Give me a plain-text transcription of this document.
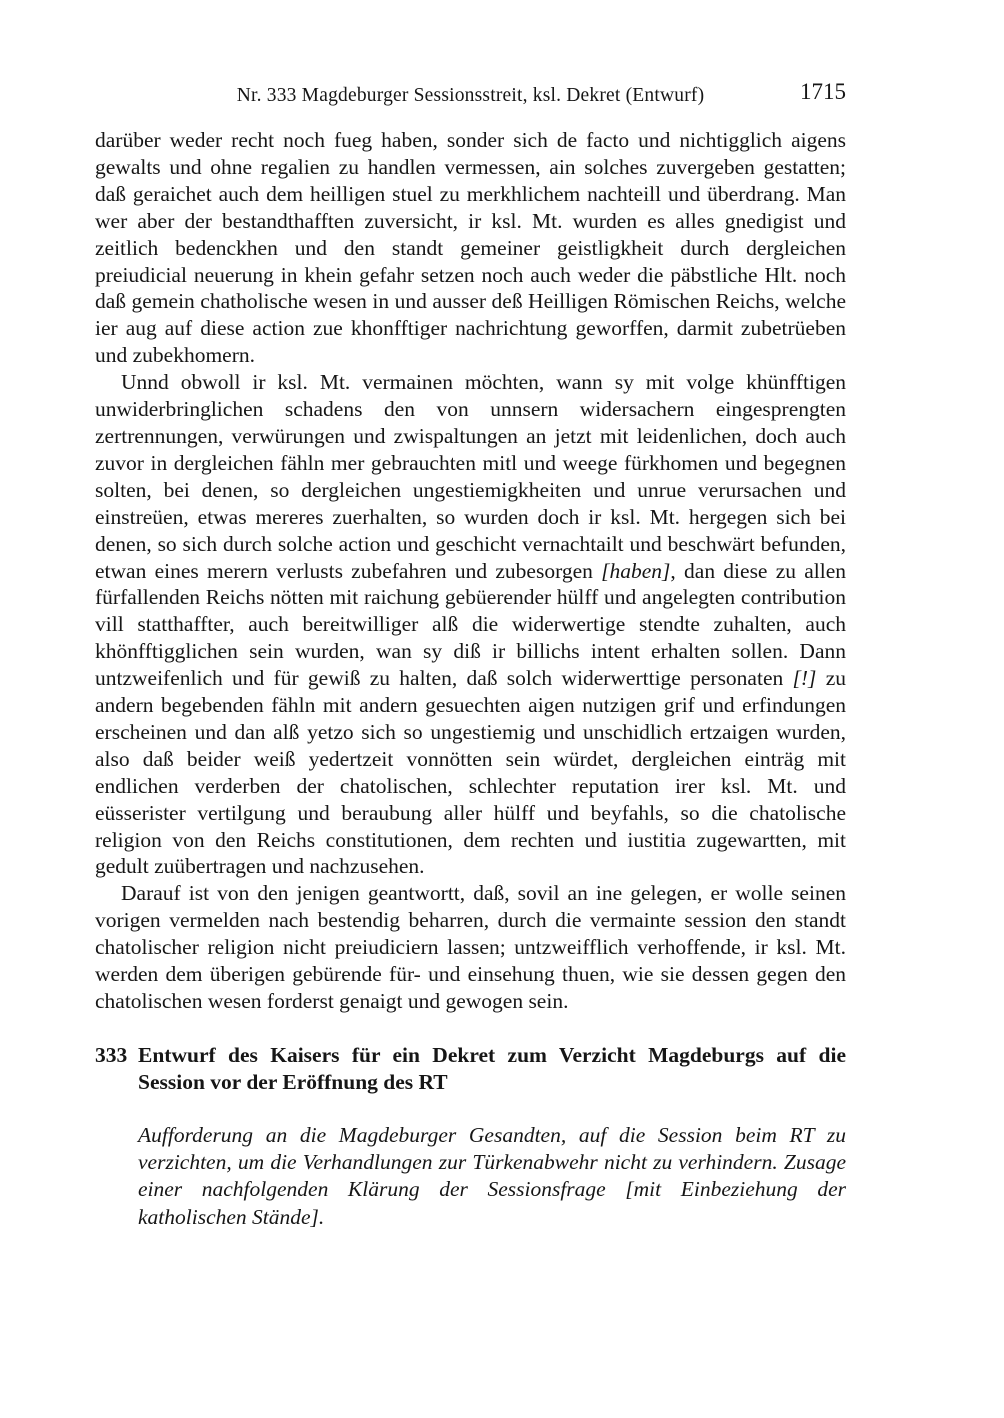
Nr. 333 Magdeburger Sessionsstreit, ksl. Dekret (Entwurf)	1715

darüber weder recht noch fueg haben, sonder sich de facto und nichtigglich aigens gewalts und ohne regalien zu handlen vermessen, ain solches zuvergeben gestatten; daß geraichet auch dem heilligen stuel zu merkhlichem nachteill und überdrang. Man wer aber der bestandthafften zuversicht, ir ksl. Mt. wurden es alles gnedigist und zeitlich bedenckhen und den standt gemeiner geistligkheit durch dergleichen preiudicial neuerung in khein gefahr setzen noch auch weder die päbstliche Hlt. noch daß gemein chatholische wesen in und ausser deß Heilligen Römischen Reichs, welche ier aug auf diese action zue khonfftiger nachrichtung geworffen, darmit zubetrüeben und zubekhomern.

Unnd obwoll ir ksl. Mt. vermainen möchten, wann sy mit volge khünfftigen unwiderbringlichen schadens den von unnsern widersachern eingesprengten zertrennungen, verwürungen und zwispaltungen an jetzt mit leidenlichen, doch auch zuvor in dergleichen fähln mer gebrauchten mitl und weege fürkhomen und begegnen solten, bei denen, so dergleichen ungestiemigkheiten und unrue verursachen und einstreüen, etwas mereres zuerhalten, so wurden doch ir ksl. Mt. hergegen sich bei denen, so sich durch solche action und geschicht vernachtailt und beschwärt befunden, etwan eines merern verlusts zubefahren und zubesorgen [haben], dan diese zu allen fürfallenden Reichs nötten mit raichung gebüerender hülff und angelegten contribution vill statthaffter, auch bereitwilliger alß die widerwertige stendte zuhalten, auch khönfftigglichen sein wurden, wan sy diß ir billichs intent erhalten sollen. Dann untzweifenlich und für gewiß zu halten, daß solch widerwerttige personaten [!] zu andern begebenden fähln mit andern gesuechten aigen nutzigen grif und erfindungen erscheinen und dan alß yetzo sich so ungestiemig und unschidlich ertzaigen wurden, also daß beider weiß yedertzeit vonnötten sein würdet, dergleichen einträg mit endlichen verderben der chatolischen, schlechter reputation irer ksl. Mt. und eüsserister vertilgung und beraubung aller hülff und beyfahls, so die chatolische religion von den Reichs constitutionen, dem rechten und iustitia zugewartten, mit gedult zuübertragen und nachzusehen.

Darauf ist von den jenigen geantwortt, daß, sovil an ine gelegen, er wolle seinen vorigen vermelden nach bestendig beharren, durch die vermainte session den standt chatolischer religion nicht preiudiciern lassen; untzweifflich verhoffende, ir ksl. Mt. werden dem überigen gebürende für- und einsehung thuen, wie sie dessen gegen den chatolischen wesen forderst genaigt und gewogen sein.

333 Entwurf des Kaisers für ein Dekret zum Verzicht Magdeburgs auf die Session vor der Eröffnung des RT

Aufforderung an die Magdeburger Gesandten, auf die Session beim RT zu verzichten, um die Verhandlungen zur Türkenabwehr nicht zu verhindern. Zusage einer nachfolgenden Klärung der Sessionsfrage [mit Einbeziehung der katholischen Stände].
